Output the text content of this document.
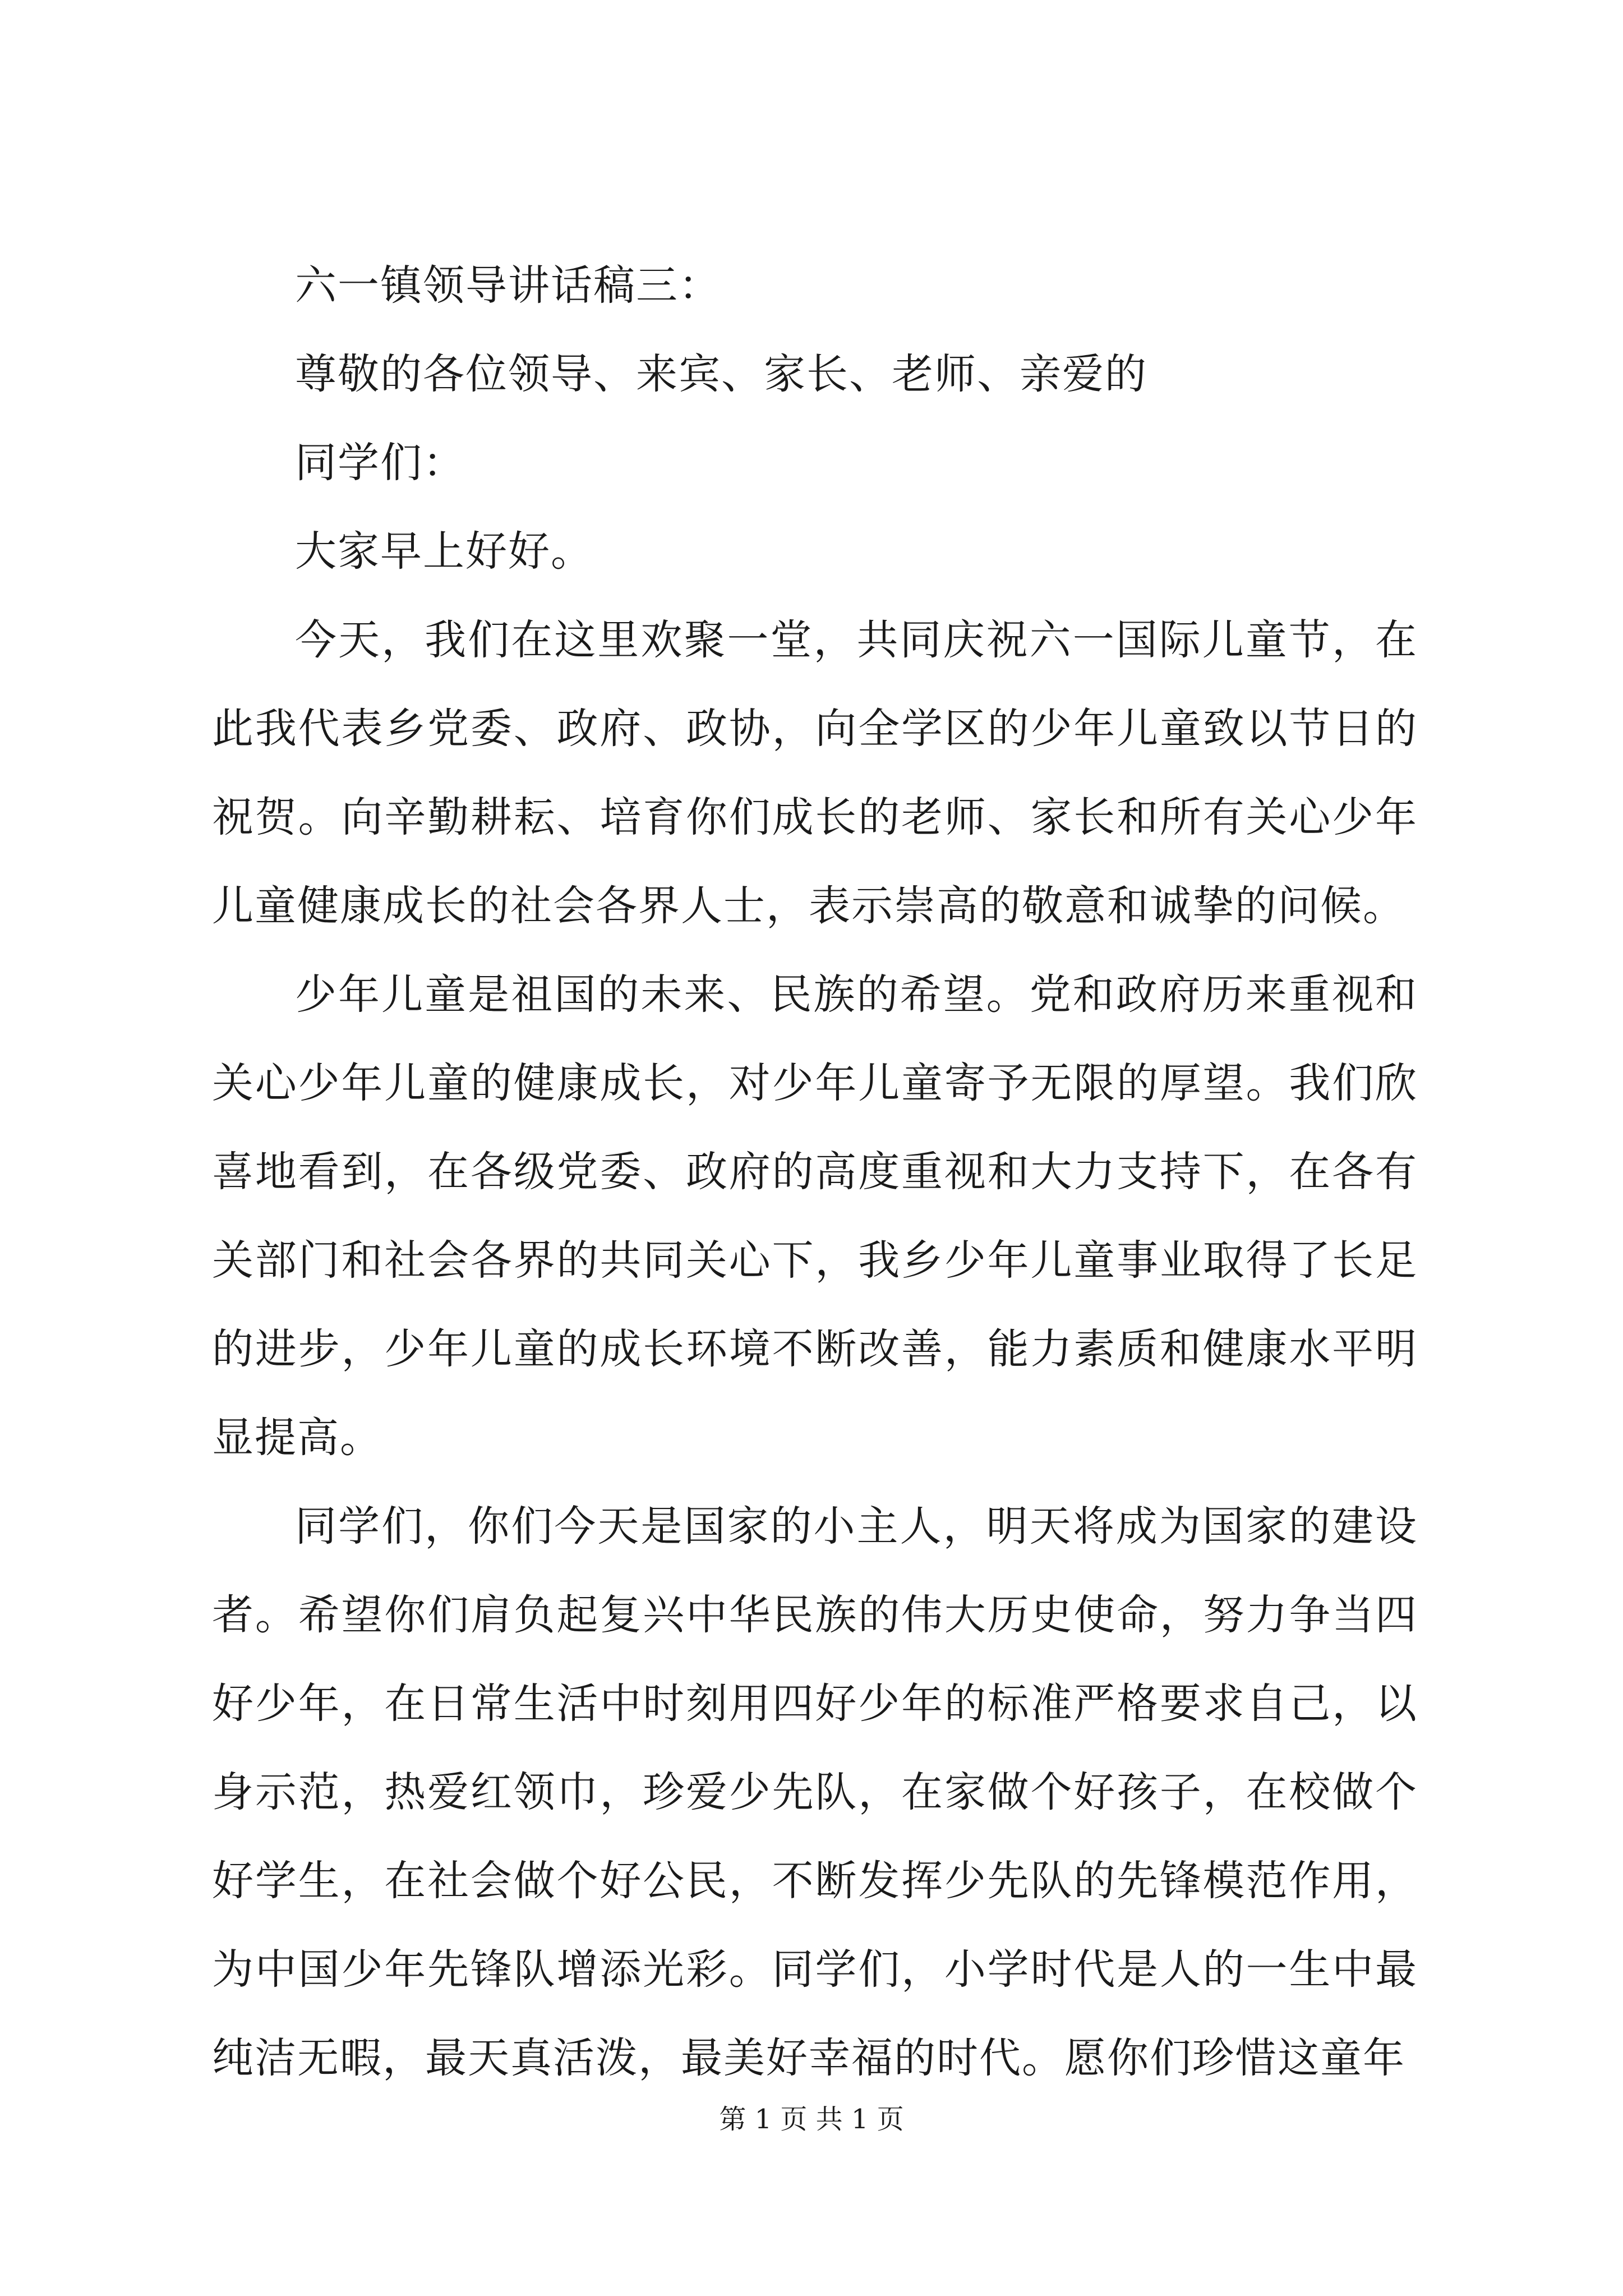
六一镇领导讲话稿三：

尊敬的各位领导、来宾、家长、老师、亲爱的

同学们：

大家早上好好。

今天，我们在这里欢聚一堂，共同庆祝六一国际儿童节，在此我代表乡党委、政府、政协，向全学区的少年儿童致以节日的祝贺。向辛勤耕耘、培育你们成长的老师、家长和所有关心少年儿童健康成长的社会各界人士，表示崇高的敬意和诚挚的问候。

少年儿童是祖国的未来、民族的希望。党和政府历来重视和关心少年儿童的健康成长，对少年儿童寄予无限的厚望。我们欣喜地看到，在各级党委、政府的高度重视和大力支持下，在各有关部门和社会各界的共同关心下，我乡少年儿童事业取得了长足的进步，少年儿童的成长环境不断改善，能力素质和健康水平明显提高。

同学们，你们今天是国家的小主人，明天将成为国家的建设者。希望你们肩负起复兴中华民族的伟大历史使命，努力争当四好少年，在日常生活中时刻用四好少年的标准严格要求自己，以身示范，热爱红领巾，珍爱少先队，在家做个好孩子，在校做个好学生，在社会做个好公民，不断发挥少先队的先锋模范作用，为中国少年先锋队增添光彩。同学们，小学时代是人的一生中最纯洁无暇，最天真活泼，最美好幸福的时代。愿你们珍惜这童年

第 1 页 共 1 页
